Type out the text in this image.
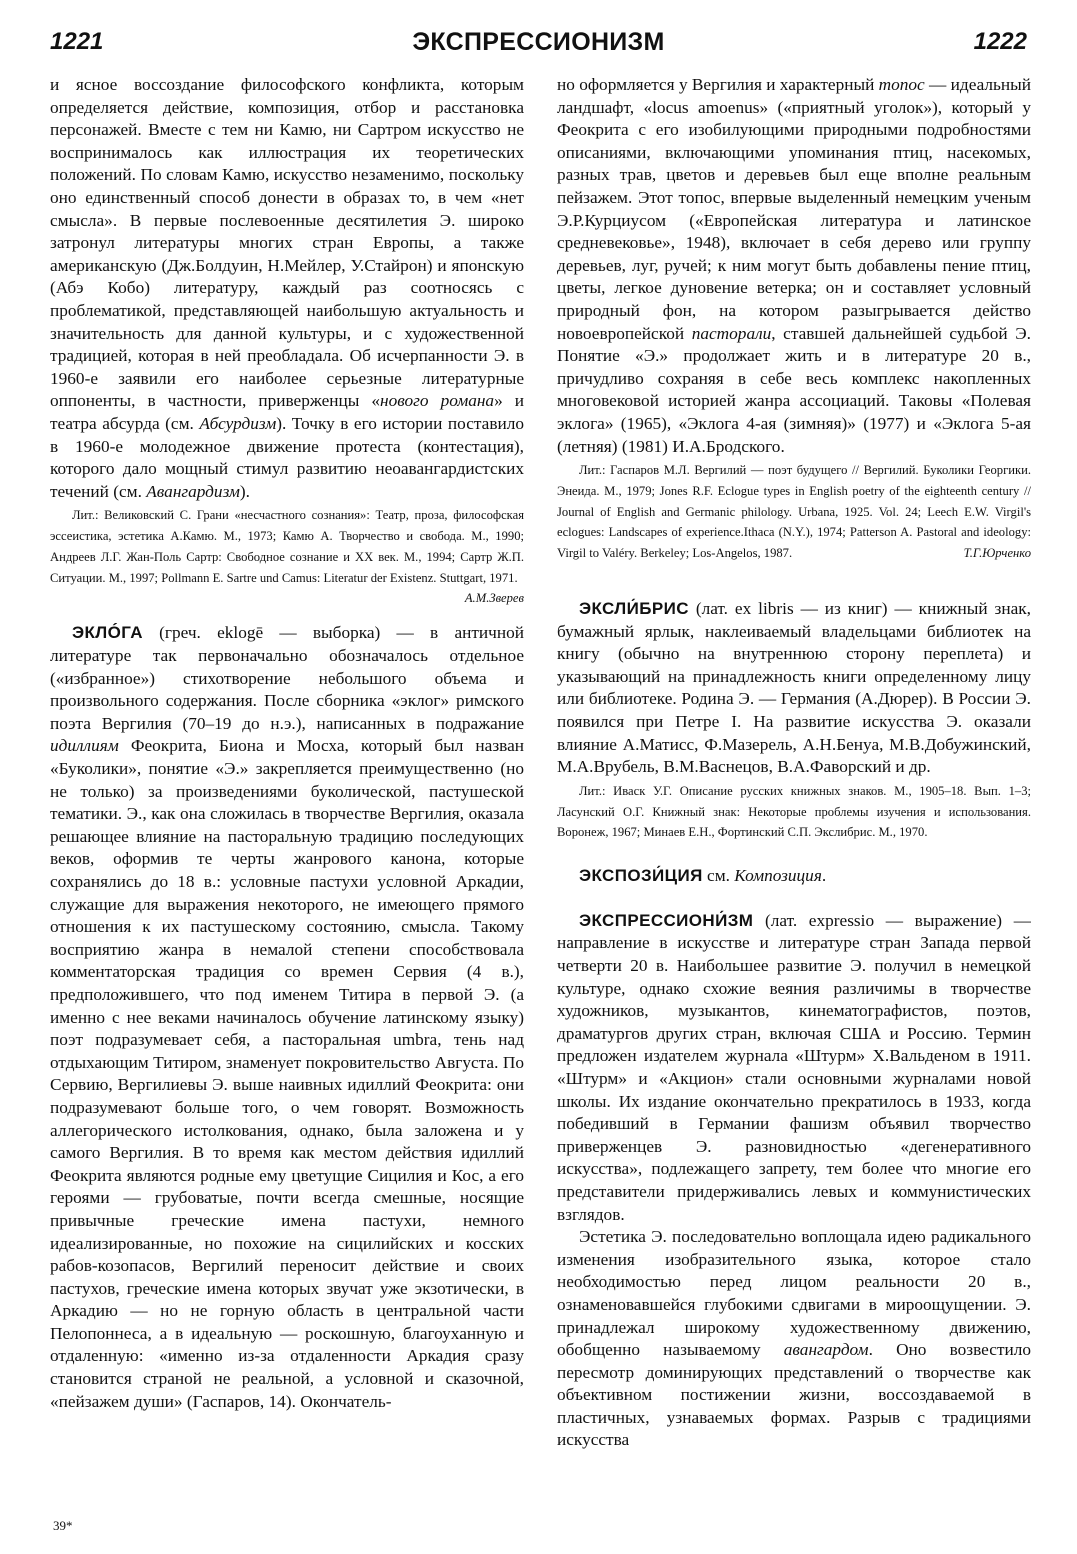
1221	ЭКСПРЕССИОНИЗМ	1222

и ясное воссоздание философского конфликта, которым определяется действие, композиция, отбор и расстановка персонажей. Вместе с тем ни Камю, ни Сартром искусство не воспринималось как иллюстрация их теоретических положений. По словам Камю, искусство незаменимо, поскольку оно единственный способ донести в образах то, в чем «нет смысла». В первые послевоенные десятилетия Э. широко затронул литературы многих стран Европы, а также американскую (Дж.Болдуин, Н.Мейлер, У.Стайрон) и японскую (Абэ Кобо) литературу, каждый раз соотносясь с проблематикой, представляющей наибольшую актуальность и значительность для данной культуры, и с художественной традицией, которая в ней преобладала. Об исчерпанности Э. в 1960-е заявили его наиболее серьезные литературные оппоненты, в частности, приверженцы «нового романа» и театра абсурда (см. Абсурдизм). Точку в его истории поставило в 1960-е молодежное движение протеста (контестация), которого дало мощный стимул развитию неоавангардистских течений (см. Авангардизм).

Лит.: Великовский С. Грани «несчастного сознания»: Театр, проза, философская эссеистика, эстетика А.Камю. М., 1973; Камю А. Творчество и свобода. М., 1990; Андреев Л.Г. Жан-Поль Сартр: Свободное сознание и XX век. М., 1994; Сартр Ж.П. Ситуации. М., 1997; Pollmann E. Sartre und Camus: Literatur der Existenz. Stuttgart, 1971.
А.М.Зверев

ЭКЛÓГА (греч. eklogē — выборка) — в античной литературе так первоначально обозначалось отдельное («избранное») стихотворение небольшого объема и произвольного содержания. После сборника «эклог» римского поэта Вергилия (70–19 до н.э.), написанных в подражание идиллиям Феокрита, Биона и Мосха, который был назван «Буколики», понятие «Э.» закрепляется преимущественно (но не только) за произведениями буколической, пастушеской тематики. Э., как она сложилась в творчестве Вергилия, оказала решающее влияние на пасторальную традицию последующих веков, оформив те черты жанрового канона, которые сохранялись до 18 в.: условные пастухи условной Аркадии, служащие для выражения некоторого, не имеющего прямого отношения к их пастушескому состоянию, смысла. Такому восприятию жанра в немалой степени способствовала комментаторская традиция со времен Сервия (4 в.), предположившего, что под именем Титира в первой Э. (а именно с нее веками начиналось обучение латинскому языку) поэт подразумевает себя, а пасторальная umbra, тень над отдыхающим Титиром, знаменует покровительство Августа. По Сервию, Вергилиевы Э. выше наивных идиллий Феокрита: они подразумевают больше того, о чем говорят. Возможность аллегорического истолкования, однако, была заложена и у самого Вергилия. В то время как местом действия идиллий Феокрита являются родные ему цветущие Сицилия и Кос, а его героями — грубоватые, почти всегда смешные, носящие привычные греческие имена пастухи, немного идеализированные, но похожие на сицилийских и косских рабов-козопасов, Вергилий переносит действие и своих пастухов, греческие имена которых звучат уже экзотически, в Аркадию — но не горную область в центральной части Пелопоннеса, а в идеальную — роскошную, благоуханную и отдаленную: «именно из-за отдаленности Аркадия сразу становится страной не реальной, а условной и сказочной, «пейзажем души» (Гаспаров, 14). Окончатель-

но оформляется у Вергилия и характерный топос — идеальный ландшафт, «locus amoenus» («приятный уголок»), который у Феокрита с его изобилующими природными подробностями описаниями, включающими упоминания птиц, насекомых, разных трав, цветов и деревьев был еще вполне реальным пейзажем. Этот топос, впервые выделенный немецким ученым Э.Р.Курциусом («Европейская литература и латинское средневековье», 1948), включает в себя дерево или группу деревьев, луг, ручей; к ним могут быть добавлены пение птиц, цветы, легкое дуновение ветерка; он и составляет условный природный фон, на котором разыгрывается действо новоевропейской пасторали, ставшей дальнейшей судьбой Э. Понятие «Э.» продолжает жить и в литературе 20 в., причудливо сохраняя в себе весь комплекс накопленных многовековой историей жанра ассоциаций. Таковы «Полевая эклога» (1965), «Эклога 4-ая (зимняя)» (1977) и «Эклога 5-ая (летняя) (1981) И.А.Бродского.

Лит.: Гаспаров М.Л. Вергилий — поэт будущего // Вергилий. Буколики Георгики. Энеида. М., 1979; Jones R.F. Eclogue types in English poetry of the eighteenth century // Journal of English and Germanic philology. Urbana, 1925. Vol. 24; Leech E.W. Virgil's eclogues: Landscapes of experience.Ithaca (N.Y.), 1974; Patterson A. Pastoral and ideology: Virgil to Valéry. Berkeley; Los-Angelos, 1987.	Т.Г.Юрченко

ЭКСЛИ́БРИС (лат. ex libris — из книг) — книжный знак, бумажный ярлык, наклеиваемый владельцами библиотек на книгу (обычно на внутреннюю сторону переплета) и указывающий на принадлежность книги определенному лицу или библиотеке. Родина Э. — Германия (А.Дюрер). В России Э. появился при Петре I. На развитие искусства Э. оказали влияние А.Матисс, Ф.Мазерель, А.Н.Бенуа, М.В.Добужинский, М.А.Врубель, В.М.Васнецов, В.А.Фаворский и др.

Лит.: Иваск У.Г. Описание русских книжных знаков. М., 1905–18. Вып. 1–3; Ласунский О.Г. Книжный знак: Некоторые проблемы изучения и использования. Воронеж, 1967; Минаев Е.Н., Фортинский С.П. Экслибрис. М., 1970.

ЭКСПОЗИ́ЦИЯ см. Композиция.

ЭКСПРЕССИОНИ́ЗМ (лат. expressio — выражение) — направление в искусстве и литературе стран Запада первой четверти 20 в. Наибольшее развитие Э. получил в немецкой культуре, однако схожие веяния различимы в творчестве художников, музыкантов, кинематографистов, поэтов, драматургов других стран, включая США и Россию. Термин предложен издателем журнала «Штурм» Х.Вальденом в 1911. «Штурм» и «Акцион» стали основными журналами новой школы. Их издание окончательно прекратилось в 1933, когда победивший в Германии фашизм объявил творчество приверженцев Э. разновидностью «дегенеративного искусства», подлежащего запрету, тем более что многие его представители придерживались левых и коммунистических взглядов.

Эстетика Э. последовательно воплощала идею радикального изменения изобразительного языка, которое стало необходимостью перед лицом реальности 20 в., ознаменовавшейся глубокими сдвигами в мироощущении. Э. принадлежал широкому художественному движению, обобщенно называемому авангардом. Оно возвестило пересмотр доминирующих представлений о творчестве как объективном постижении жизни, воссоздаваемой в пластичных, узнаваемых формах. Разрыв с традициями искусства

39*
